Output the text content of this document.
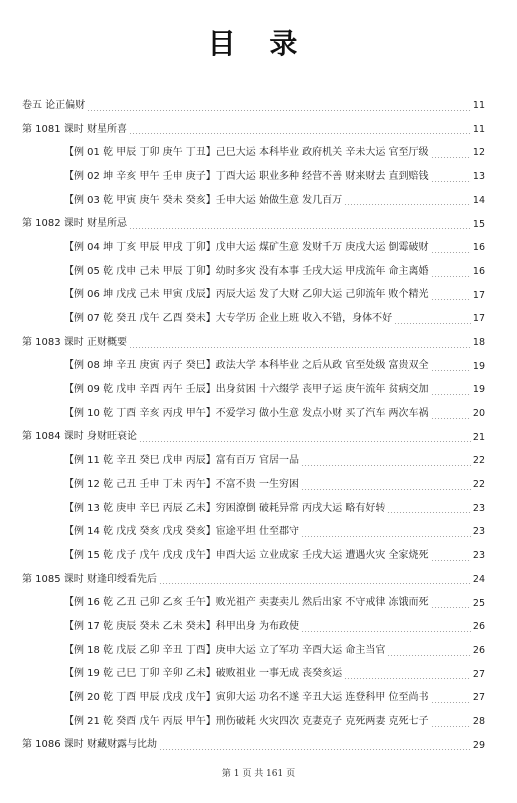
目 录
卷五 论正偏财	11
第 1081 课时 财星所喜	11
【例 01 乾 甲辰 丁卯 庚午 丁丑】己巳大运 本科毕业 政府机关 辛未大运 官至厅级	12
【例 02 坤 辛亥 甲午 壬申 庚子】丁酉大运 职业多种 经营不善 财来财去 直到赔钱	13
【例 03 乾 甲寅 庚午 癸未 癸亥】壬申大运 始做生意 发几百万	14
第 1082 课时 财星所忌	15
【例 04 坤 丁亥 甲辰 甲戌 丁卯】戊申大运 煤矿生意 发财千万 庚戌大运 倒霉破财	16
【例 05 乾 戊申 己未 甲辰 丁卯】幼时多灾 没有本事 壬戌大运 甲戌流年 命主离婚	16
【例 06 坤 戊戌 己未 甲寅 戊辰】丙辰大运 发了大财 乙卯大运 己卯流年 败个精光	17
【例 07 乾 癸丑 戊午 乙酉 癸未】大专学历 企业上班 收入不错，身体不好	17
第 1083 课时 正财概要	18
【例 08 坤 辛丑 庚寅 丙子 癸巳】政法大学 本科毕业 之后从政 官至处级 富贵双全	19
【例 09 乾 戊申 辛酉 丙午 壬辰】出身贫困 十六缀学 丧甲子运 庚午流年 贫病交加	19
【例 10 乾 丁酉 辛亥 丙戌 甲午】不爱学习 做小生意 发点小财 买了汽车 两次车祸	20
第 1084 课时 身财旺衰论	21
【例 11 乾 辛丑 癸巳 戊申 丙辰】富有百万 官居一品	22
【例 12 乾 己丑 壬申 丁未 丙午】不富不贵 一生穷困	22
【例 13 乾 庚申 辛巳 丙辰 乙未】穷困潦倒 破耗异常 丙戌大运 略有好转	23
【例 14 乾 戊戌 癸亥 戊戌 癸亥】宦途平坦 仕至郡守	23
【例 15 乾 戊子 戊午 戊戌 戊午】申酉大运 立业成家 壬戌大运 遭遇火灾 全家烧死	23
第 1085 课时 财逢印绶看先后	24
【例 16 乾 乙丑 己卯 乙亥 壬午】败光祖产 卖妻卖儿 然后出家 不守戒律 冻饿而死	25
【例 17 乾 庚辰 癸未 乙未 癸未】科甲出身 为布政使	26
【例 18 乾 戊辰 乙卯 辛丑 丁酉】庚申大运 立了军功 辛酉大运 命主当官	26
【例 19 乾 己巳 丁卯 辛卯 乙未】破败祖业 一事无成 丧癸亥运	27
【例 20 乾 丁酉 甲辰 戊戌 戊午】寅卯大运 功名不遂 辛丑大运 连登科甲 位至尚书	27
【例 21 乾 癸酉 戊午 丙辰 甲午】刑伤破耗 火灾四次 克妻克子 克死两妻 克死七子	28
第 1086 课时 财藏财露与比劫	29
第 1 页 共 161 页
